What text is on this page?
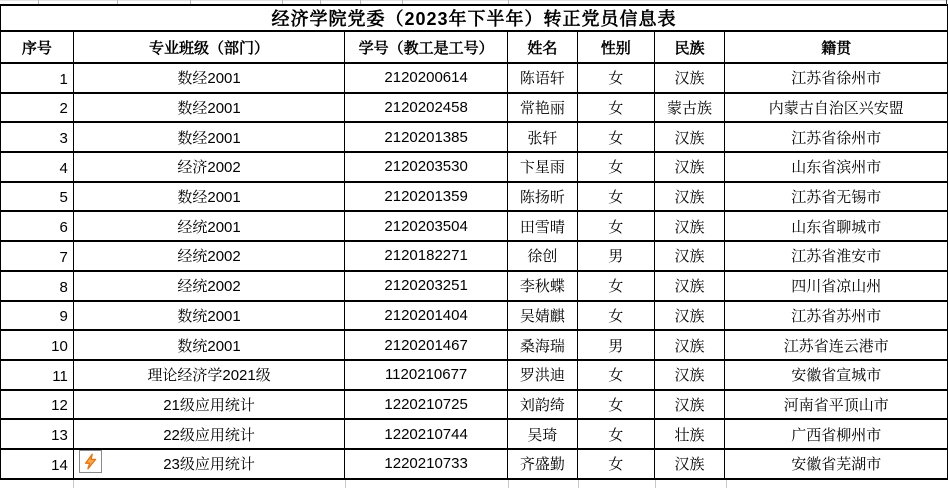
经济学院党委（2023年下半年）转正党员信息表
序号	专业班级（部门）	学号（教工是工号）	姓名	性别	民族	籍贯
1	数经2001	2120200614	陈语轩	女	汉族	江苏省徐州市
2	数经2001	2120202458	常艳丽	女	蒙古族	内蒙古自治区兴安盟
3	数经2001	2120201385	张轩	女	汉族	江苏省徐州市
4	经济2002	2120203530	卞星雨	女	汉族	山东省滨州市
5	数经2001	2120201359	陈扬昕	女	汉族	江苏省无锡市
6	经统2001	2120203504	田雪晴	女	汉族	山东省聊城市
7	经统2002	2120182271	徐创	男	汉族	江苏省淮安市
8	经统2002	2120203251	李秋蝶	女	汉族	四川省凉山州
9	数统2001	2120201404	吴婧麒	女	汉族	江苏省苏州市
10	数统2001	2120201467	桑海瑞	男	汉族	江苏省连云港市
11	理论经济学2021级	1120210677	罗洪迪	女	汉族	安徽省宣城市
12	21级应用统计	1220210725	刘韵绮	女	汉族	河南省平顶山市
13	22级应用统计	1220210744	吴琦	女	壮族	广西省柳州市
14	23级应用统计	1220210733	齐盛勤	女	汉族	安徽省芜湖市
